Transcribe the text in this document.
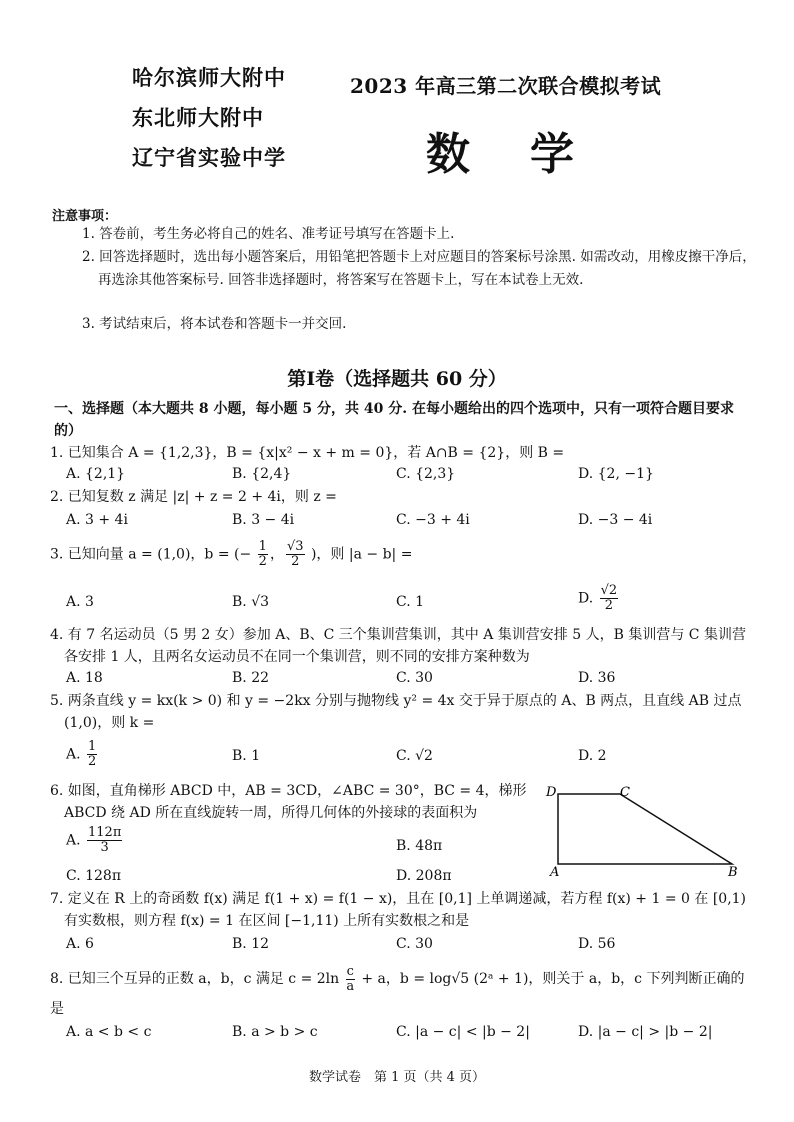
哈尔滨师大附中
东北师大附中
辽宁省实验中学
2023 年高三第二次联合模拟考试
数学
注意事项：
1. 答卷前，考生务必将自己的姓名、准考证号填写在答题卡上.
2. 回答选择题时，选出每小题答案后，用铅笔把答题卡上对应题目的答案标号涂黑. 如需改动，用橡皮擦干净后，再选涂其他答案标号. 回答非选择题时，将答案写在答题卡上，写在本试卷上无效.
3. 考试结束后，将本试卷和答题卡一并交回.
第Ⅰ卷（选择题共 60 分）
一、选择题（本大题共 8 小题，每小题 5 分，共 40 分. 在每小题给出的四个选项中，只有一项符合题目要求的）
1. 已知集合 A = {1,2,3}，B = {x|x² − x + m = 0}，若 A∩B = {2}，则 B =
A. {2,1}	B. {2,4}	C. {2,3}	D. {2, −1}
2. 已知复数 z 满足 |z| + z = 2 + 4i，则 z =
A. 3 + 4i	B. 3 − 4i	C. −3 + 4i	D. −3 − 4i
3. 已知向量 a = (1,0)，b = (− $\frac{1}{2}$ ， $\frac{√3}{2}$ )，则 |a − b| =
A. 3	B. √3	C. 1	D. $\frac{√2}{2}$
4. 有 7 名运动员（5 男 2 女）参加 A、B、C 三个集训营集训，其中 A 集训营安排 5 人，B 集训营与 C 集训营各安排 1 人，且两名女运动员不在同一个集训营，则不同的安排方案种数为
A. 18	B. 22	C. 30	D. 36
5. 两条直线 y = kx(k > 0) 和 y = −2kx 分别与抛物线 y² = 4x 交于异于原点的 A、B 两点，且直线 AB 过点 (1,0)，则 k =
A. $\frac{1}{2}$	B. 1	C. √2	D. 2
6. 如图，直角梯形 ABCD 中，AB = 3CD，∠ABC = 30°，BC = 4，梯形 ABCD 绕 AD 所在直线旋转一周，所得几何体的外接球的表面积为
A. $\frac{112\pi}{3}$	B. 48π
C. 128π	D. 208π
D	C
A	B
7. 定义在 R 上的奇函数 f(x) 满足 f(1 + x) = f(1 − x)，且在 [0,1] 上单调递减，若方程 f(x) + 1 = 0 在 [0,1) 有实数根，则方程 f(x) = 1 在区间 [−1,11) 上所有实数根之和是
A. 6	B. 12	C. 30	D. 56
8. 已知三个互异的正数 a，b，c 满足 $c = 2\ln \frac{c}{a} + a$，b = log√5 (2ᵃ + 1)，则关于 a，b，c 下列判断正确的是
A. a < b < c	B. a > b > c	C. |a − c| < |b − 2|	D. |a − c| > |b − 2|
数学试卷　第 1 页（共 4 页）
